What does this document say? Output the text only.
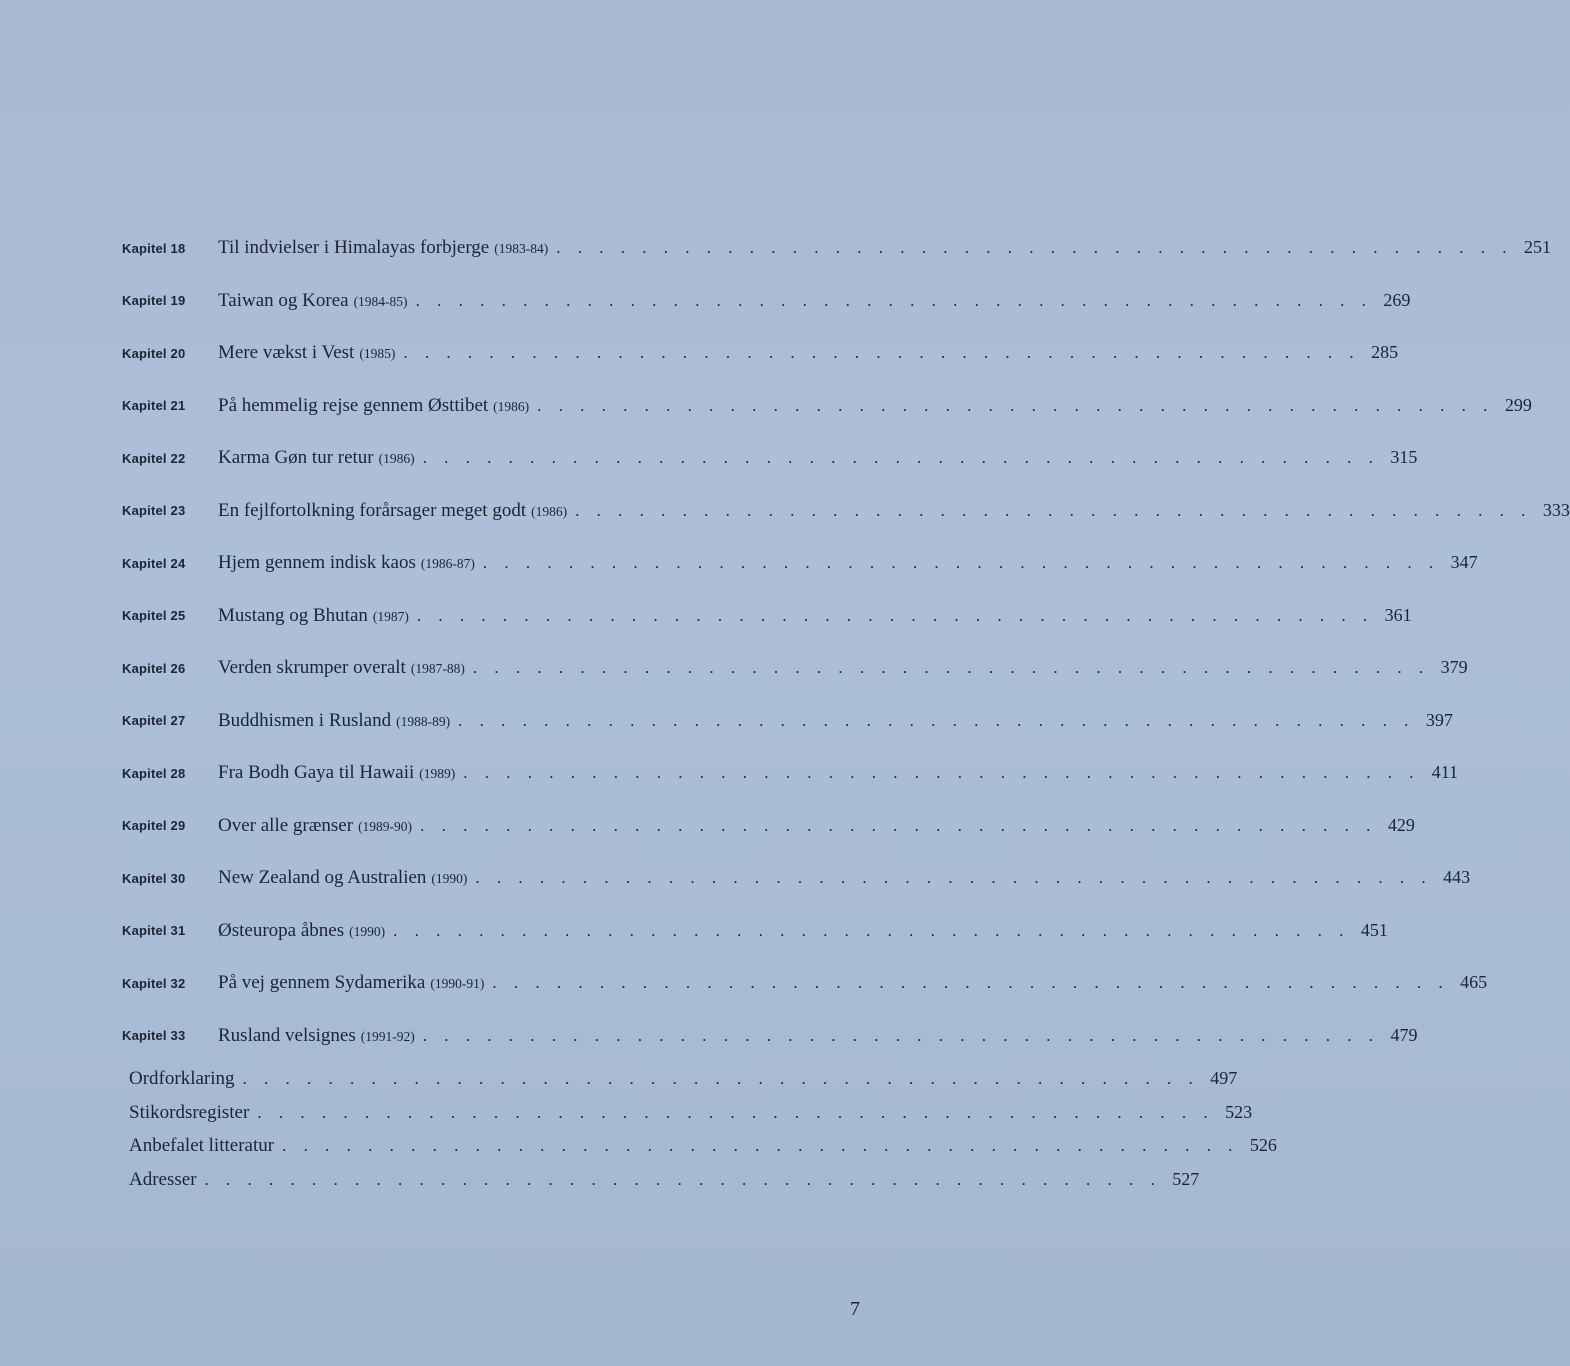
Kapitel 18	Til indvielser i Himalayas forbjerge (1983-84) . . . . . . . . . . . . . . . . . . . . . . . . . . . . . . . . . . . . . . . . . . . . . 251
Kapitel 19	Taiwan og Korea (1984-85) . . . . . . . . . . . . . . . . . . . . . . . . . . . . . . . . . . . . . . . . . . . . . 269
Kapitel 20	Mere vækst i Vest (1985) . . . . . . . . . . . . . . . . . . . . . . . . . . . . . . . . . . . . . . . . . . . . . 285
Kapitel 21	På hemmelig rejse gennem Østtibet (1986) . . . . . . . . . . . . . . . . . . . . . . . . . . . . . . . . . . . . . . . . . . . . . 299
Kapitel 22	Karma Gøn tur retur (1986) . . . . . . . . . . . . . . . . . . . . . . . . . . . . . . . . . . . . . . . . . . . . . 315
Kapitel 23	En fejlfortolkning forårsager meget godt (1986) . . . . . . . . . . . . . . . . . . . . . . . . . . . . . . . . . . . . . . . . . . . . . 333
Kapitel 24	Hjem gennem indisk kaos (1986-87) . . . . . . . . . . . . . . . . . . . . . . . . . . . . . . . . . . . . . . . . . . . . . 347
Kapitel 25	Mustang og Bhutan (1987) . . . . . . . . . . . . . . . . . . . . . . . . . . . . . . . . . . . . . . . . . . . . . 361
Kapitel 26	Verden skrumper overalt (1987-88) . . . . . . . . . . . . . . . . . . . . . . . . . . . . . . . . . . . . . . . . . . . . . 379
Kapitel 27	Buddhismen i Rusland (1988-89) . . . . . . . . . . . . . . . . . . . . . . . . . . . . . . . . . . . . . . . . . . . . . 397
Kapitel 28	Fra Bodh Gaya til Hawaii (1989) . . . . . . . . . . . . . . . . . . . . . . . . . . . . . . . . . . . . . . . . . . . . . 411
Kapitel 29	Over alle grænser (1989-90) . . . . . . . . . . . . . . . . . . . . . . . . . . . . . . . . . . . . . . . . . . . . . 429
Kapitel 30	New Zealand og Australien (1990) . . . . . . . . . . . . . . . . . . . . . . . . . . . . . . . . . . . . . . . . . . . . . 443
Kapitel 31	Østeuropa åbnes (1990) . . . . . . . . . . . . . . . . . . . . . . . . . . . . . . . . . . . . . . . . . . . . . 451
Kapitel 32	På vej gennem Sydamerika (1990-91) . . . . . . . . . . . . . . . . . . . . . . . . . . . . . . . . . . . . . . . . . . . . . 465
Kapitel 33	Rusland velsignes (1991-92) . . . . . . . . . . . . . . . . . . . . . . . . . . . . . . . . . . . . . . . . . . . . . 479
Ordforklaring . . . . . . . . . . . . . . . . . . . . . . . . . . . . . . . . . . . . . . . . . . . . . 497
Stikordsregister . . . . . . . . . . . . . . . . . . . . . . . . . . . . . . . . . . . . . . . . . . . . . 523
Anbefalet litteratur . . . . . . . . . . . . . . . . . . . . . . . . . . . . . . . . . . . . . . . . . . . . . 526
Adresser . . . . . . . . . . . . . . . . . . . . . . . . . . . . . . . . . . . . . . . . . . . . . 527
7
